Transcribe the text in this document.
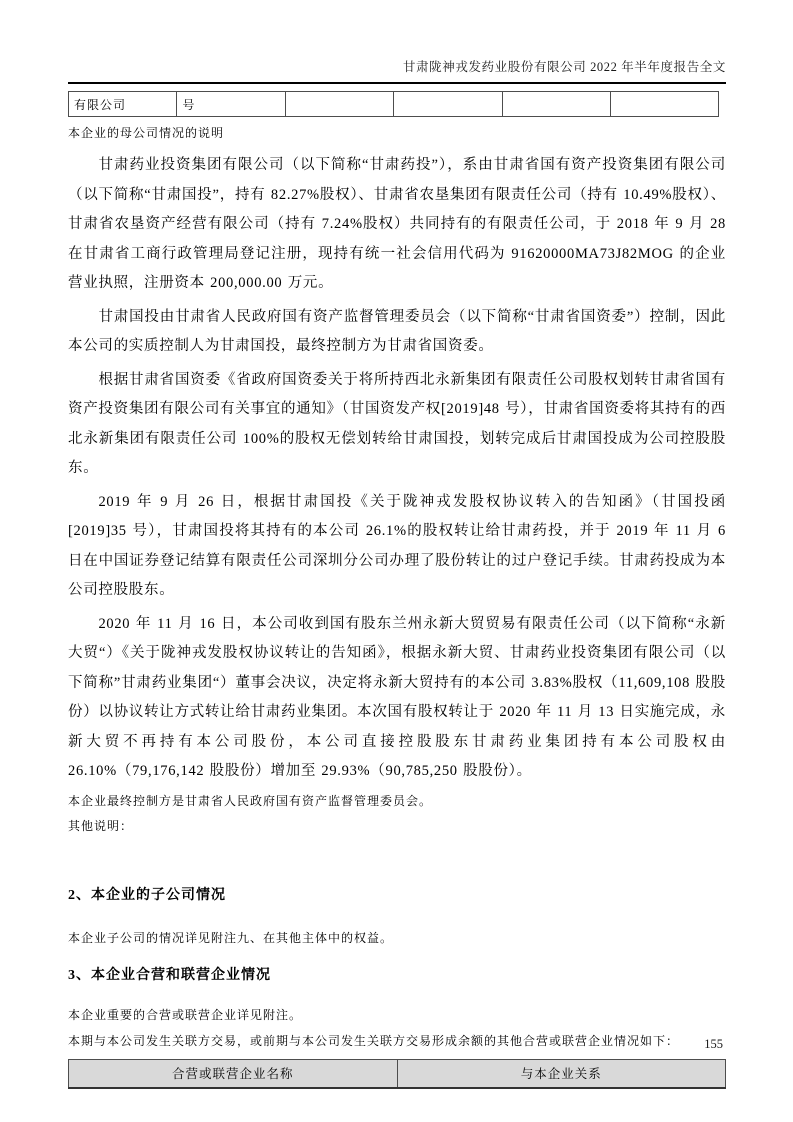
甘肃陇神戎发药业股份有限公司 2022 年半年度报告全文
有限公司	号				
本企业的母公司情况的说明

甘肃药业投资集团有限公司（以下简称“甘肃药投”），系由甘肃省国有资产投资集团有限公司（以下简称“甘肃国投”，持有 82.27%股权）、甘肃省农垦集团有限责任公司（持有 10.49%股权）、甘肃省农垦资产经营有限公司（持有 7.24%股权）共同持有的有限责任公司，于 2018 年 9 月 28 在甘肃省工商行政管理局登记注册，现持有统一社会信用代码为 91620000MA73J82MOG 的企业营业执照，注册资本 200,000.00 万元。

甘肃国投由甘肃省人民政府国有资产监督管理委员会（以下简称“甘肃省国资委”）控制，因此本公司的实质控制人为甘肃国投，最终控制方为甘肃省国资委。

根据甘肃省国资委《省政府国资委关于将所持西北永新集团有限责任公司股权划转甘肃省国有资产投资集团有限公司有关事宜的通知》（甘国资发产权[2019]48 号），甘肃省国资委将其持有的西北永新集团有限责任公司 100%的股权无偿划转给甘肃国投，划转完成后甘肃国投成为公司控股股东。

2019 年 9 月 26 日，根据甘肃国投《关于陇神戎发股权协议转入的告知函》（甘国投函[2019]35 号），甘肃国投将其持有的本公司 26.1%的股权转让给甘肃药投，并于 2019 年 11 月 6 日在中国证券登记结算有限责任公司深圳分公司办理了股份转让的过户登记手续。甘肃药投成为本公司控股股东。

2020 年 11 月 16 日，本公司收到国有股东兰州永新大贸贸易有限责任公司（以下简称“永新大贸“）《关于陇神戎发股权协议转让的告知函》，根据永新大贸、甘肃药业投资集团有限公司（以下简称”甘肃药业集团“）董事会决议，决定将永新大贸持有的本公司 3.83%股权（11,609,108 股股份）以协议转让方式转让给甘肃药业集团。本次国有股权转让于 2020 年 11 月 13 日实施完成，永新大贸不再持有本公司股份，本公司直接控股股东甘肃药业集团持有本公司股权由 26.10%（79,176,142 股股份）增加至 29.93%（90,785,250 股股份）。

本企业最终控制方是甘肃省人民政府国有资产监督管理委员会。
其他说明：
2、本企业的子公司情况
本企业子公司的情况详见附注九、在其他主体中的权益。
3、本企业合营和联营企业情况
本企业重要的合营或联营企业详见附注。
本期与本公司发生关联方交易，或前期与本公司发生关联方交易形成余额的其他合营或联营企业情况如下：
合营或联营企业名称	与本企业关系
155
